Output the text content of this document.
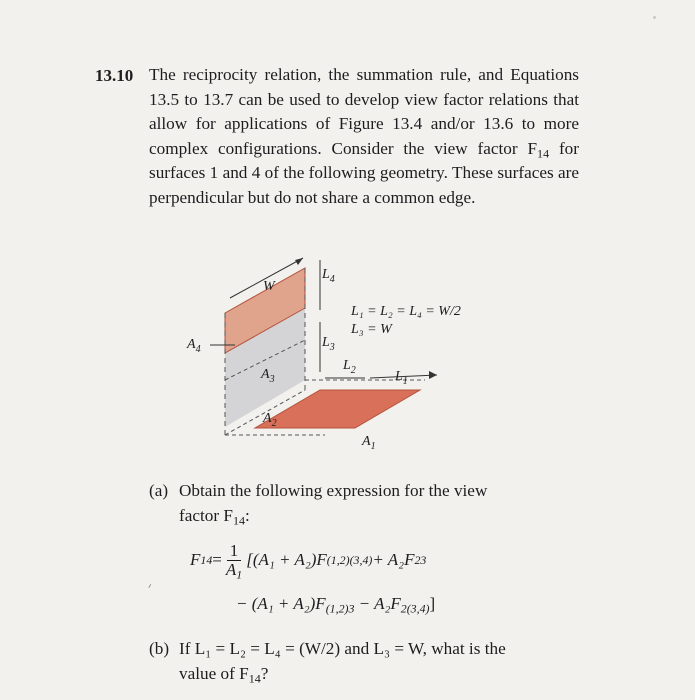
13.10 The reciprocity relation, the summation rule, and Equations 13.5 to 13.7 can be used to develop view factor relations that allow for applications of Figure 13.4 and/or 13.6 to more complex configurations. Consider the view factor $F_{14}$ for surfaces 1 and 4 of the following geometry. These surfaces are perpendicular but do not share a common edge.
W
$L_4$
L₁ = L₂ = L₄ = W/2
L₃ = W
$A_4$
$A_3$
$L_3$
$L_2$	$L_1$
$A_2$
$A_1$
(a) Obtain the following expression for the view
factor $F_{14}$:
F $14 = \frac{1}{A_1} [(A_1 + A_2)F$ (1,2)(3,4) + A₂F 23
− $(A_1 + A_2)F_{(1,2)3} - A_2F_{2(3,4)}$]
(b) If L₁ = L₂ = L₄ = (W/2) and L₃ = W, what is the
value of $F_{14}$?
